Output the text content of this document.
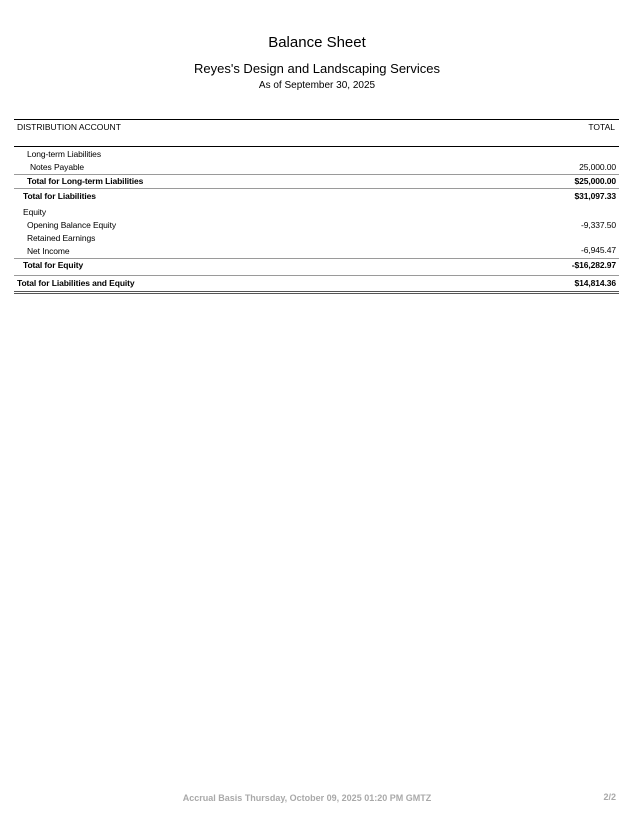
Balance Sheet
Reyes's Design and Landscaping Services
As of September 30, 2025
DISTRIBUTION ACCOUNT	TOTAL
Long-term Liabilities
Notes Payable	25,000.00
Total for Long-term Liabilities	$25,000.00
Total for Liabilities	$31,097.33
Equity
Opening Balance Equity	-9,337.50
Retained Earnings
Net Income	-6,945.47
Total for Equity	-$16,282.97
Total for Liabilities and Equity	$14,814.36
Accrual Basis Thursday, October 09, 2025 01:20 PM GMTZ	2/2
